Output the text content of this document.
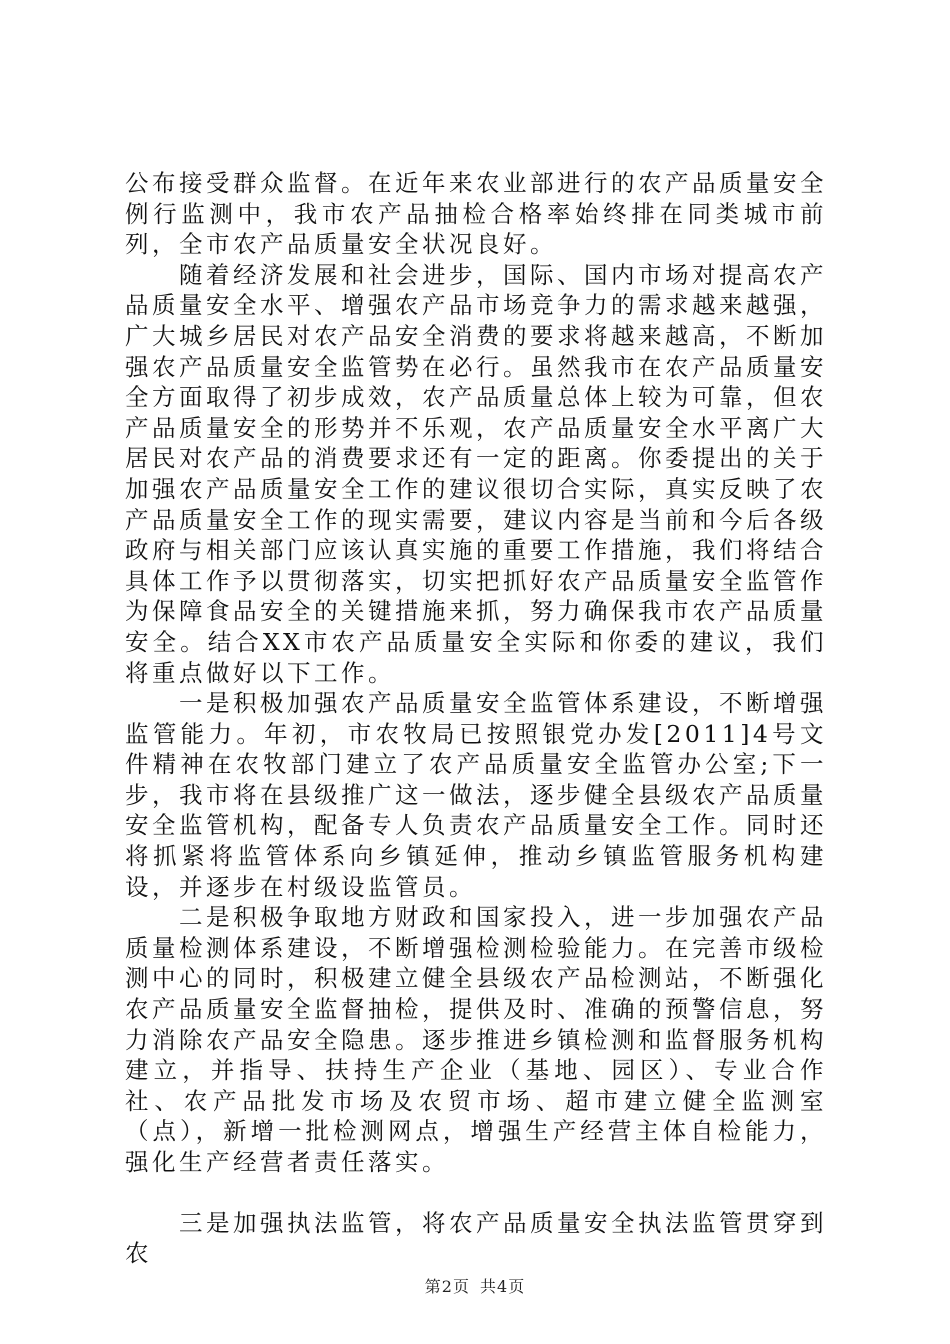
公布接受群众监督。在近年来农业部进行的农产品质量安全例行监测中，我市农产品抽检合格率始终排在同类城市前列，全市农产品质量安全状况良好。

随着经济发展和社会进步，国际、国内市场对提高农产品质量安全水平、增强农产品市场竞争力的需求越来越强，广大城乡居民对农产品安全消费的要求将越来越高，不断加强农产品质量安全监管势在必行。虽然我市在农产品质量安全方面取得了初步成效，农产品质量总体上较为可靠，但农产品质量安全的形势并不乐观，农产品质量安全水平离广大居民对农产品的消费要求还有一定的距离。你委提出的关于加强农产品质量安全工作的建议很切合实际，真实反映了农产品质量安全工作的现实需要，建议内容是当前和今后各级政府与相关部门应该认真实施的重要工作措施，我们将结合具体工作予以贯彻落实，切实把抓好农产品质量安全监管作为保障食品安全的关键措施来抓，努力确保我市农产品质量安全。结合XX市农产品质量安全实际和你委的建议，我们将重点做好以下工作。

一是积极加强农产品质量安全监管体系建设，不断增强监管能力。年初，市农牧局已按照银党办发[2011]4号文件精神在农牧部门建立了农产品质量安全监管办公室;下一步，我市将在县级推广这一做法，逐步健全县级农产品质量安全监管机构，配备专人负责农产品质量安全工作。同时还将抓紧将监管体系向乡镇延伸，推动乡镇监管服务机构建设，并逐步在村级设监管员。

二是积极争取地方财政和国家投入，进一步加强农产品质量检测体系建设，不断增强检测检验能力。在完善市级检测中心的同时，积极建立健全县级农产品检测站，不断强化农产品质量安全监督抽检，提供及时、准确的预警信息，努力消除农产品安全隐患。逐步推进乡镇检测和监督服务机构建立，并指导、扶持生产企业（基地、园区）、专业合作社、农产品批发市场及农贸市场、超市建立健全监测室（点），新增一批检测网点，增强生产经营主体自检能力，强化生产经营者责任落实。

三是加强执法监管，将农产品质量安全执法监管贯穿到农

第2页 共4页
